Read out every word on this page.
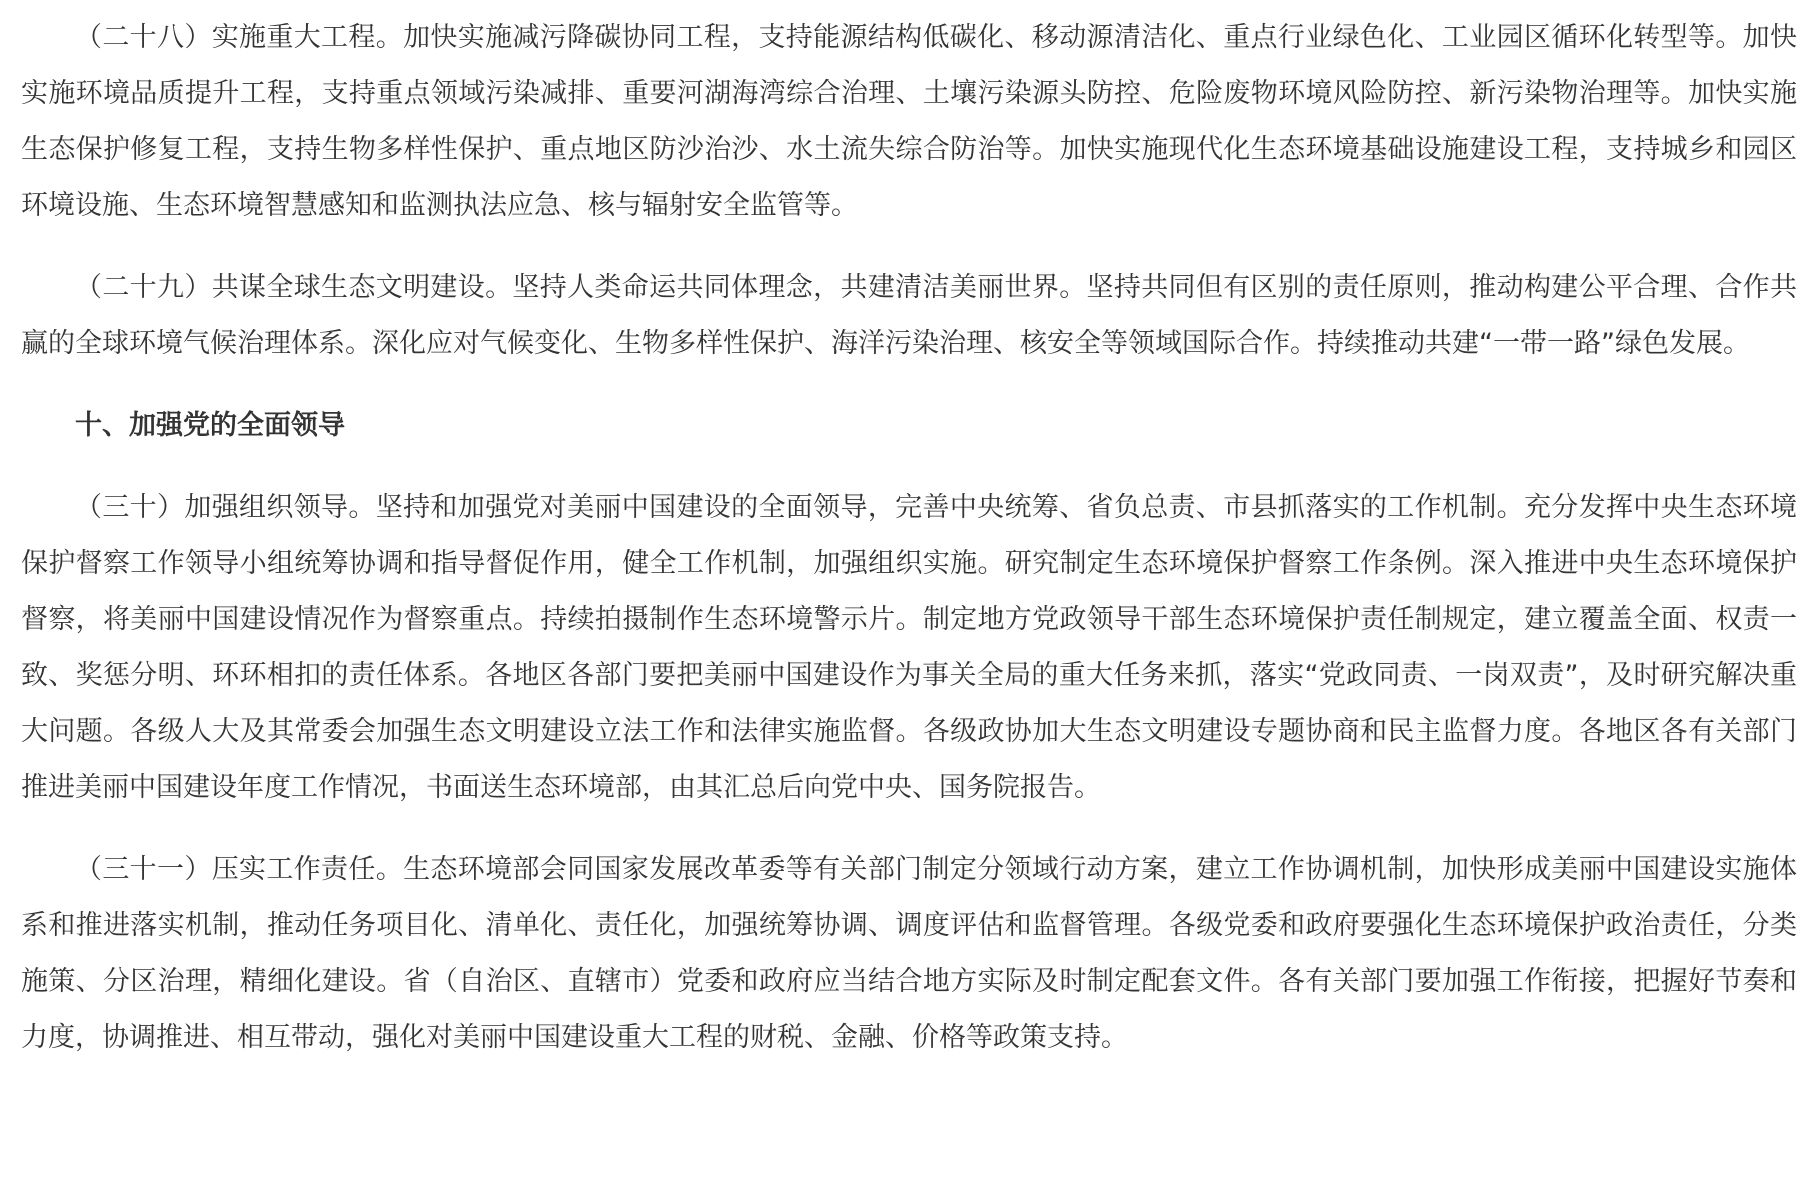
（二十八）实施重大工程。加快实施减污降碳协同工程，支持能源结构低碳化、移动源清洁化、重点行业绿色化、工业园区循环化转型等。加快实施环境品质提升工程，支持重点领域污染减排、重要河湖海湾综合治理、土壤污染源头防控、危险废物环境风险防控、新污染物治理等。加快实施生态保护修复工程，支持生物多样性保护、重点地区防沙治沙、水土流失综合防治等。加快实施现代化生态环境基础设施建设工程，支持城乡和园区环境设施、生态环境智慧感知和监测执法应急、核与辐射安全监管等。

（二十九）共谋全球生态文明建设。坚持人类命运共同体理念，共建清洁美丽世界。坚持共同但有区别的责任原则，推动构建公平合理、合作共赢的全球环境气候治理体系。深化应对气候变化、生物多样性保护、海洋污染治理、核安全等领域国际合作。持续推动共建“一带一路”绿色发展。

十、加强党的全面领导

（三十）加强组织领导。坚持和加强党对美丽中国建设的全面领导，完善中央统筹、省负总责、市县抓落实的工作机制。充分发挥中央生态环境保护督察工作领导小组统筹协调和指导督促作用，健全工作机制，加强组织实施。研究制定生态环境保护督察工作条例。深入推进中央生态环境保护督察，将美丽中国建设情况作为督察重点。持续拍摄制作生态环境警示片。制定地方党政领导干部生态环境保护责任制规定，建立覆盖全面、权责一致、奖惩分明、环环相扣的责任体系。各地区各部门要把美丽中国建设作为事关全局的重大任务来抓，落实“党政同责、一岗双责”，及时研究解决重大问题。各级人大及其常委会加强生态文明建设立法工作和法律实施监督。各级政协加大生态文明建设专题协商和民主监督力度。各地区各有关部门推进美丽中国建设年度工作情况，书面送生态环境部，由其汇总后向党中央、国务院报告。

（三十一）压实工作责任。生态环境部会同国家发展改革委等有关部门制定分领域行动方案，建立工作协调机制，加快形成美丽中国建设实施体系和推进落实机制，推动任务项目化、清单化、责任化，加强统筹协调、调度评估和监督管理。各级党委和政府要强化生态环境保护政治责任，分类施策、分区治理，精细化建设。省（自治区、直辖市）党委和政府应当结合地方实际及时制定配套文件。各有关部门要加强工作衔接，把握好节奏和力度，协调推进、相互带动，强化对美丽中国建设重大工程的财税、金融、价格等政策支持。
